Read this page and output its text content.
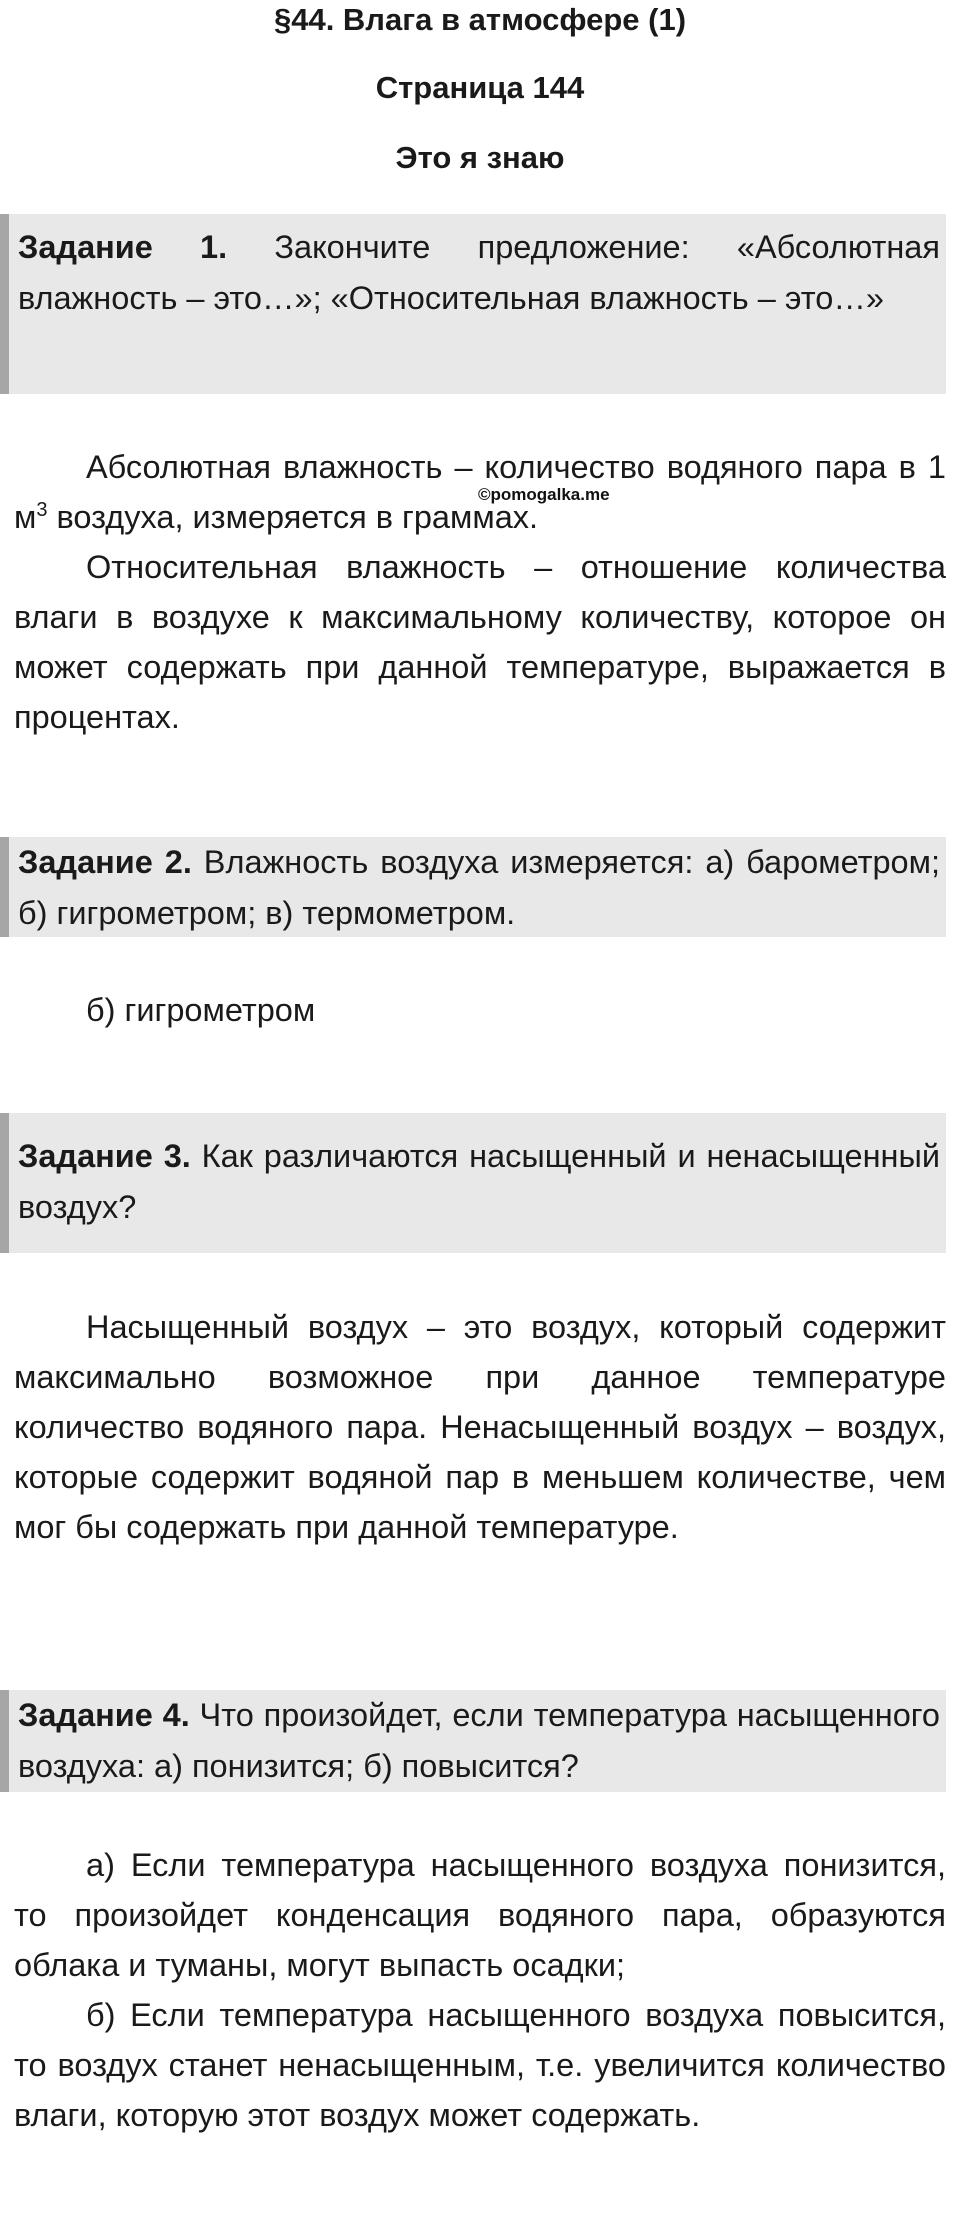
§44. Влага в атмосфере (1)
Страница 144
Это я знаю
Задание 1. Закончите предложение: «Абсолютная влажность – это…»; «Относительная влажность – это…»

Абсолютная влажность – количество водяного пара в 1 $м^3$ воздуха, измеряется в граммах.

Относительная влажность – отношение количества влаги в воздухе к максимальному количеству, которое он может содержать при данной температуре, выражается в процентах.

©pomogalka.me
Задание 2. Влажность воздуха измеряется: а) барометром; б) гигрометром; в) термометром.

б) гигрометром

Задание 3. Как различаются насыщенный и ненасыщенный воздух?

Насыщенный воздух – это воздух, который содержит максимально возможное при данное температуре количество водяного пара. Ненасыщенный воздух – воздух, которые содержит водяной пар в меньшем количестве, чем мог бы содержать при данной температуре.

Задание 4. Что произойдет, если температура насыщенного воздуха: а) понизится; б) повысится?

а) Если температура насыщенного воздуха понизится, то произойдет конденсация водяного пара, образуются облака и туманы, могут выпасть осадки;

б) Если температура насыщенного воздуха повысится, то воздух станет ненасыщенным, т.е. увеличится количество влаги, которую этот воздух может содержать.
